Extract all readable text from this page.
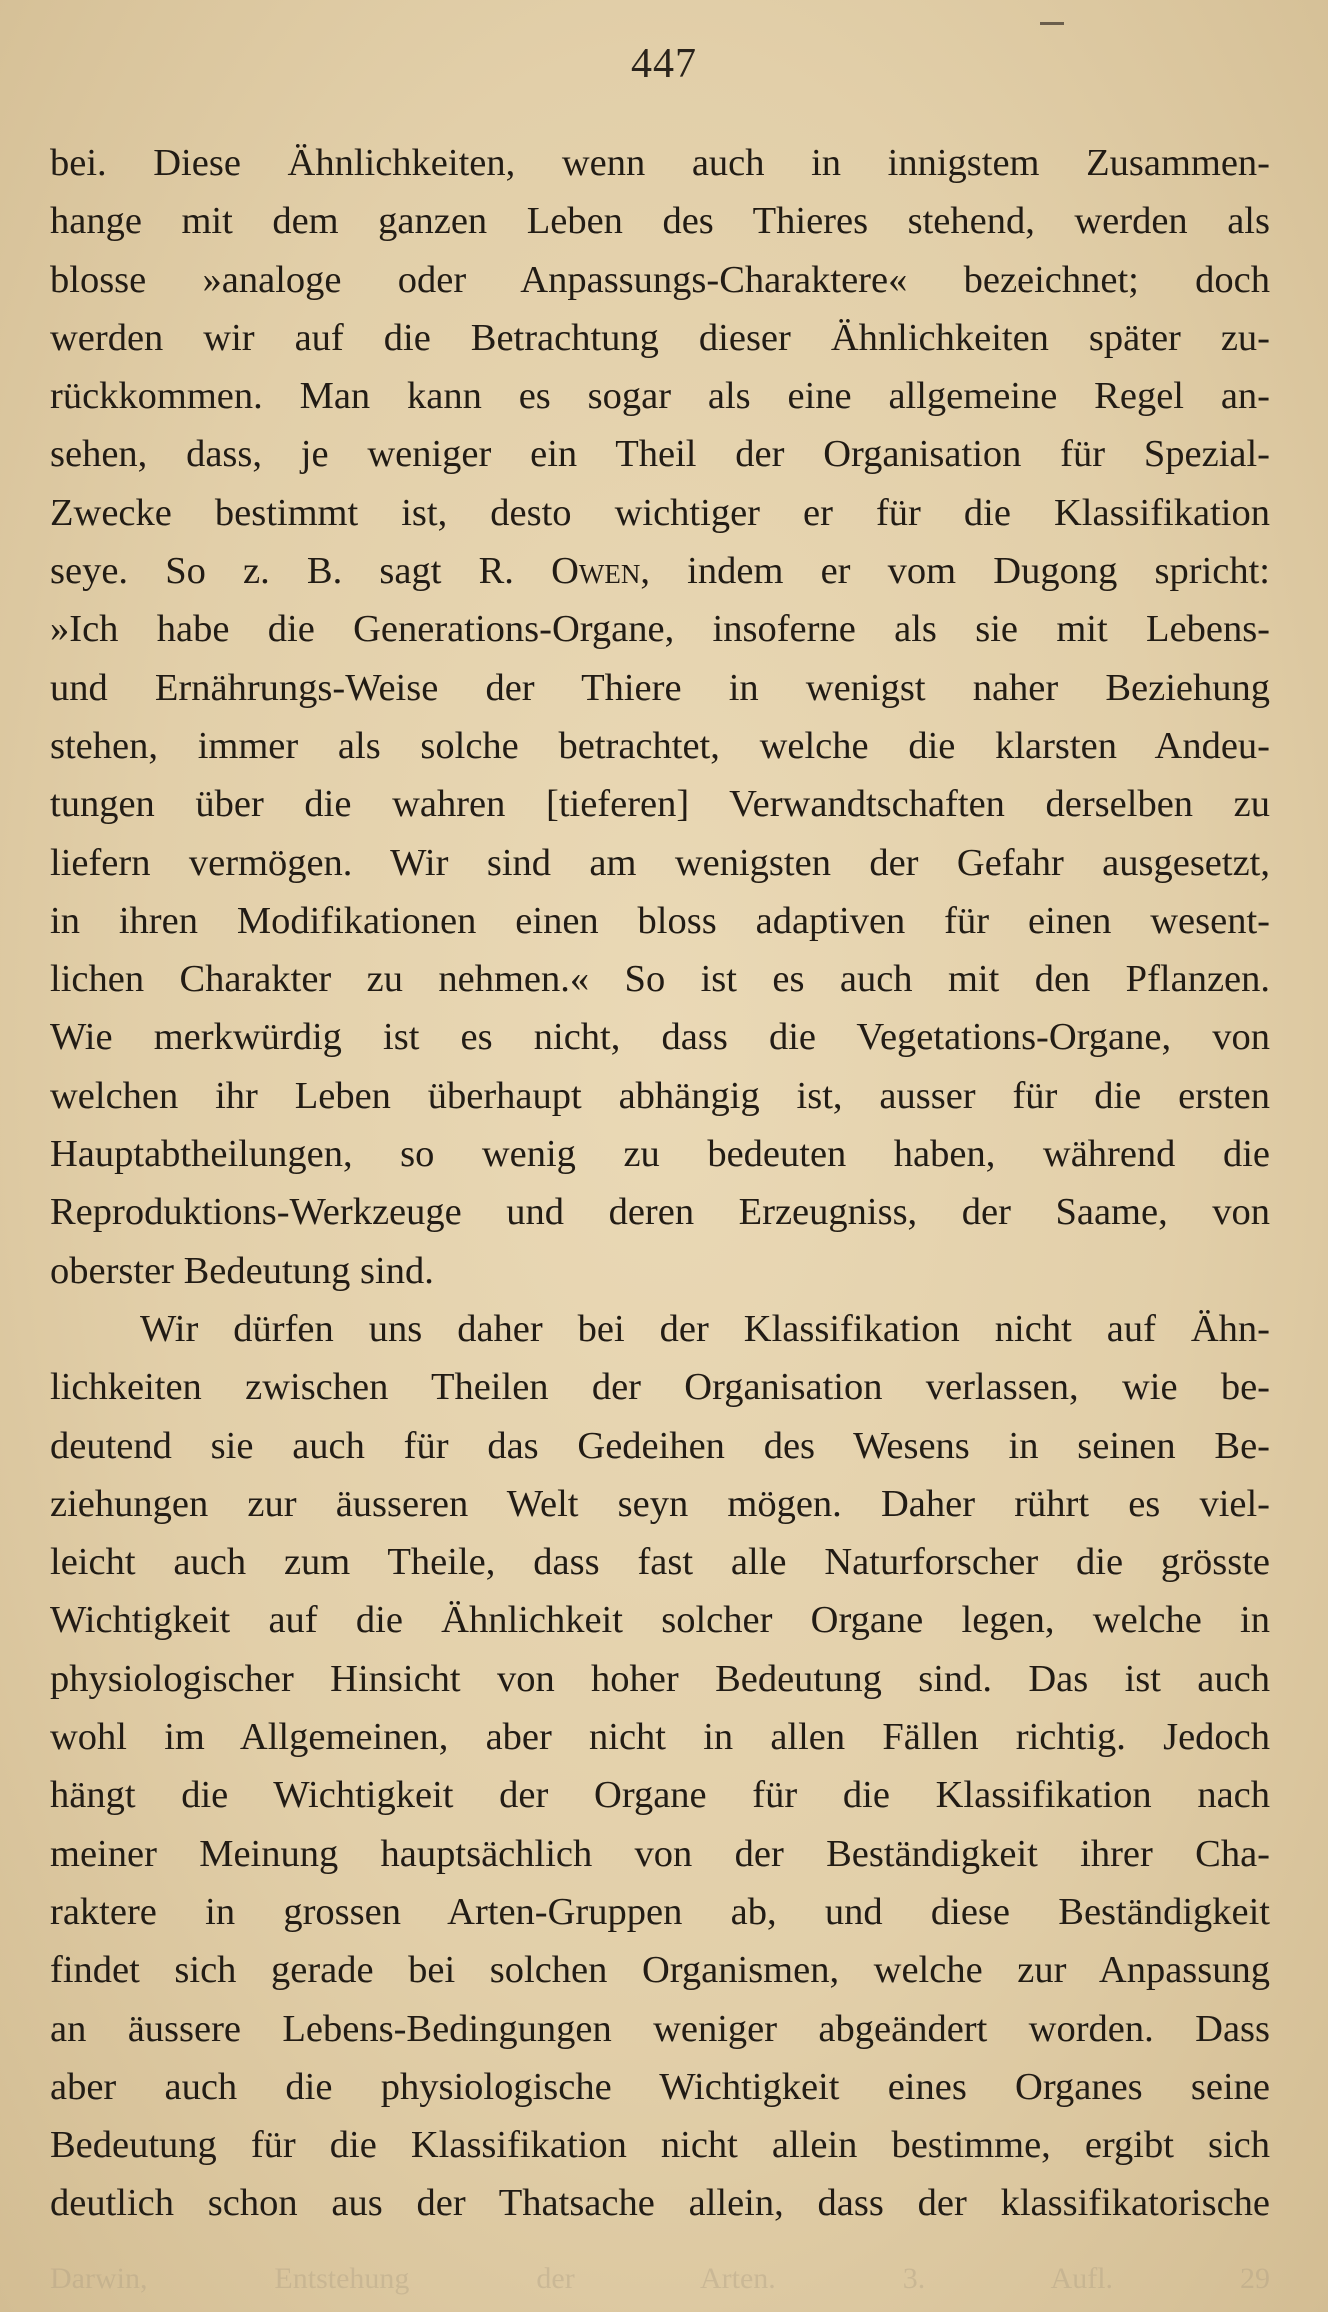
447
bei. Diese Ähnlichkeiten, wenn auch in innigstem Zusammen-
hange mit dem ganzen Leben des Thieres stehend, werden als
blosse »analoge oder Anpassungs-Charaktere« bezeichnet; doch
werden wir auf die Betrachtung dieser Ähnlichkeiten später zu-
rückkommen. Man kann es sogar als eine allgemeine Regel an-
sehen, dass, je weniger ein Theil der Organisation für Spezial-
Zwecke bestimmt ist, desto wichtiger er für die Klassifikation
seye. So z. B. sagt R. Owen, indem er vom Dugong spricht:
»Ich habe die Generations-Organe, insoferne als sie mit Lebens-
und Ernährungs-Weise der Thiere in wenigst naher Beziehung
stehen, immer als solche betrachtet, welche die klarsten Andeu-
tungen über die wahren [tieferen] Verwandtschaften derselben zu
liefern vermögen. Wir sind am wenigsten der Gefahr ausgesetzt,
in ihren Modifikationen einen bloss adaptiven für einen wesent-
lichen Charakter zu nehmen.« So ist es auch mit den Pflanzen.
Wie merkwürdig ist es nicht, dass die Vegetations-Organe, von
welchen ihr Leben überhaupt abhängig ist, ausser für die ersten
Hauptabtheilungen, so wenig zu bedeuten haben, während die
Reproduktions-Werkzeuge und deren Erzeugniss, der Saame, von
oberster Bedeutung sind.
Wir dürfen uns daher bei der Klassifikation nicht auf Ähn-
lichkeiten zwischen Theilen der Organisation verlassen, wie be-
deutend sie auch für das Gedeihen des Wesens in seinen Be-
ziehungen zur äusseren Welt seyn mögen. Daher rührt es viel-
leicht auch zum Theile, dass fast alle Naturforscher die grösste
Wichtigkeit auf die Ähnlichkeit solcher Organe legen, welche in
physiologischer Hinsicht von hoher Bedeutung sind. Das ist auch
wohl im Allgemeinen, aber nicht in allen Fällen richtig. Jedoch
hängt die Wichtigkeit der Organe für die Klassifikation nach
meiner Meinung hauptsächlich von der Beständigkeit ihrer Cha-
raktere in grossen Arten-Gruppen ab, und diese Beständigkeit
findet sich gerade bei solchen Organismen, welche zur Anpassung
an äussere Lebens-Bedingungen weniger abgeändert worden. Dass
aber auch die physiologische Wichtigkeit eines Organes seine
Bedeutung für die Klassifikation nicht allein bestimme, ergibt sich
deutlich schon aus der Thatsache allein, dass der klassifikatorische
Darwin, Entstehung der Arten. 3. Aufl. 29
